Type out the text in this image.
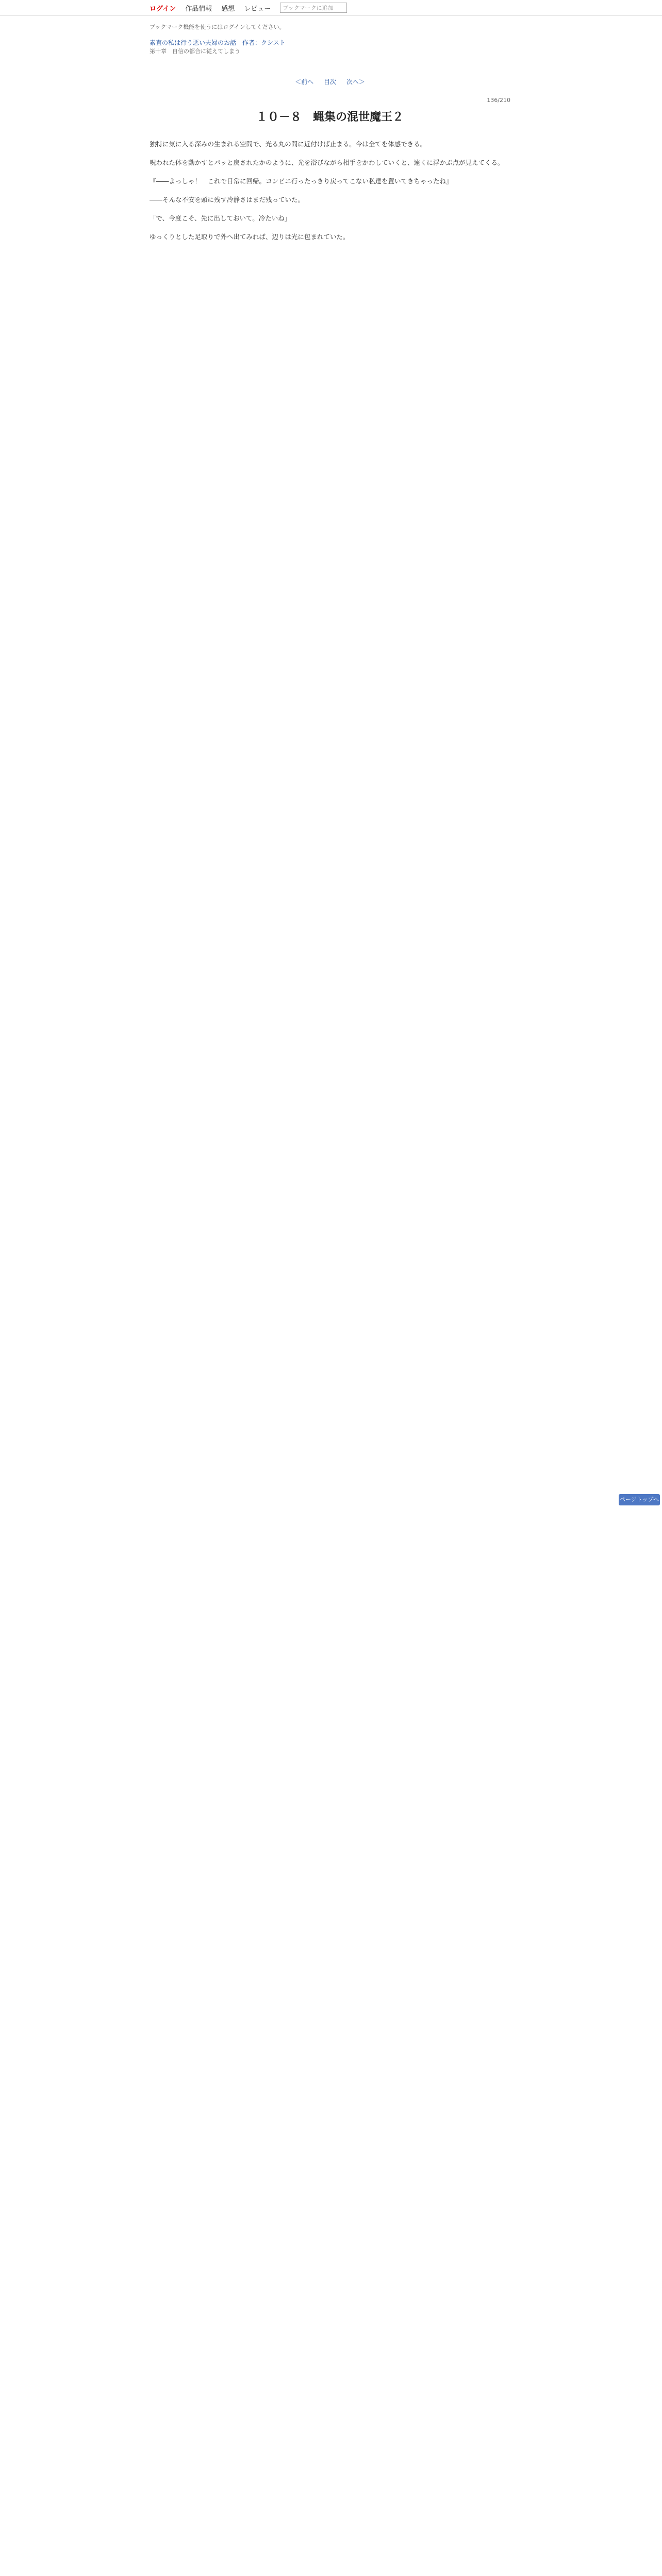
ログイン 作品情報 感想 レビュー	ブックマークに追加
ブックマーク機能を使うにはログインしてください。
素直の私は行う悪い夫婦のお話　作者：クシスト
第十章　自信の都合に従えてしまう
＜前へ 目次 次へ＞
136/210
１０－８　蝿集の混世魔王２

独特に気に入る深みの生まれる空間で、光る丸の間に近付けば止まる。今は全てを体感できる。

呪われた体を動かすとパッと戻されたかのように、光を浴びながら相手をかわしていくと、遠くに浮かぶ点が見えてくる。

『――よっしゃ！　これで日常に回帰。コンビニ行ったっきり戻ってこない私達を置いてきちゃったね』

――そんな不安を頭に残す冷静さはまだ残っていた。

「で、今度こそ、先に出しておいて。冷たいね」

ゆっくりとした足取りで外へ出てみれば、辺りは光に包まれていた。

ページトップへ
